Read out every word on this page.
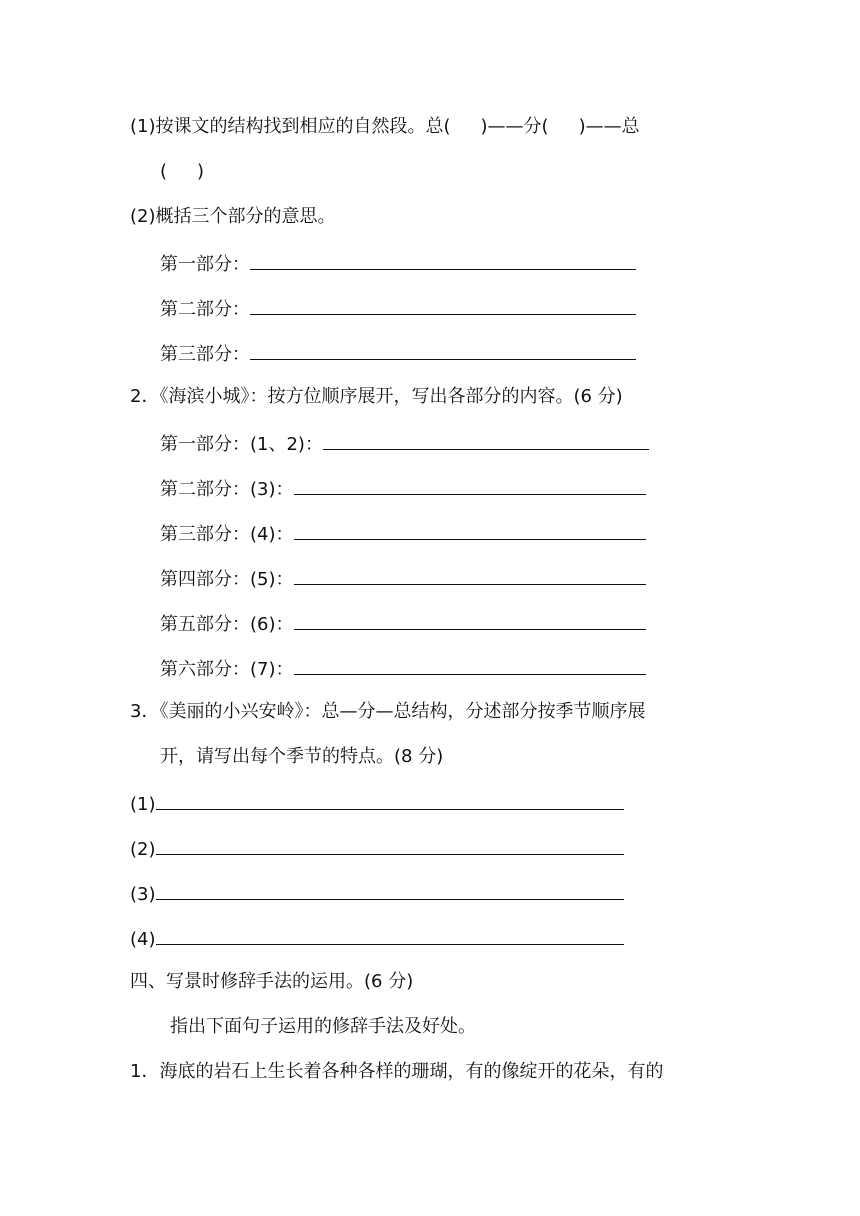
(1)按课文的结构找到相应的自然段。总( )——分( )——总
( )
(2)概括三个部分的意思。
第一部分：
第二部分：
第三部分：
2．《海滨小城》：按方位顺序展开，写出各部分的内容。(6 分)
第一部分：(1、2)：
第二部分：(3)：
第三部分：(4)：
第四部分：(5)：
第五部分：(6)：
第六部分：(7)：
3．《美丽的小兴安岭》：总—分—总结构，分述部分按季节顺序展
开，请写出每个季节的特点。(8 分)
(1)
(2)
(3)
(4)
四、写景时修辞手法的运用。(6 分)
指出下面句子运用的修辞手法及好处。
1．海底的岩石上生长着各种各样的珊瑚，有的像绽开的花朵，有的
